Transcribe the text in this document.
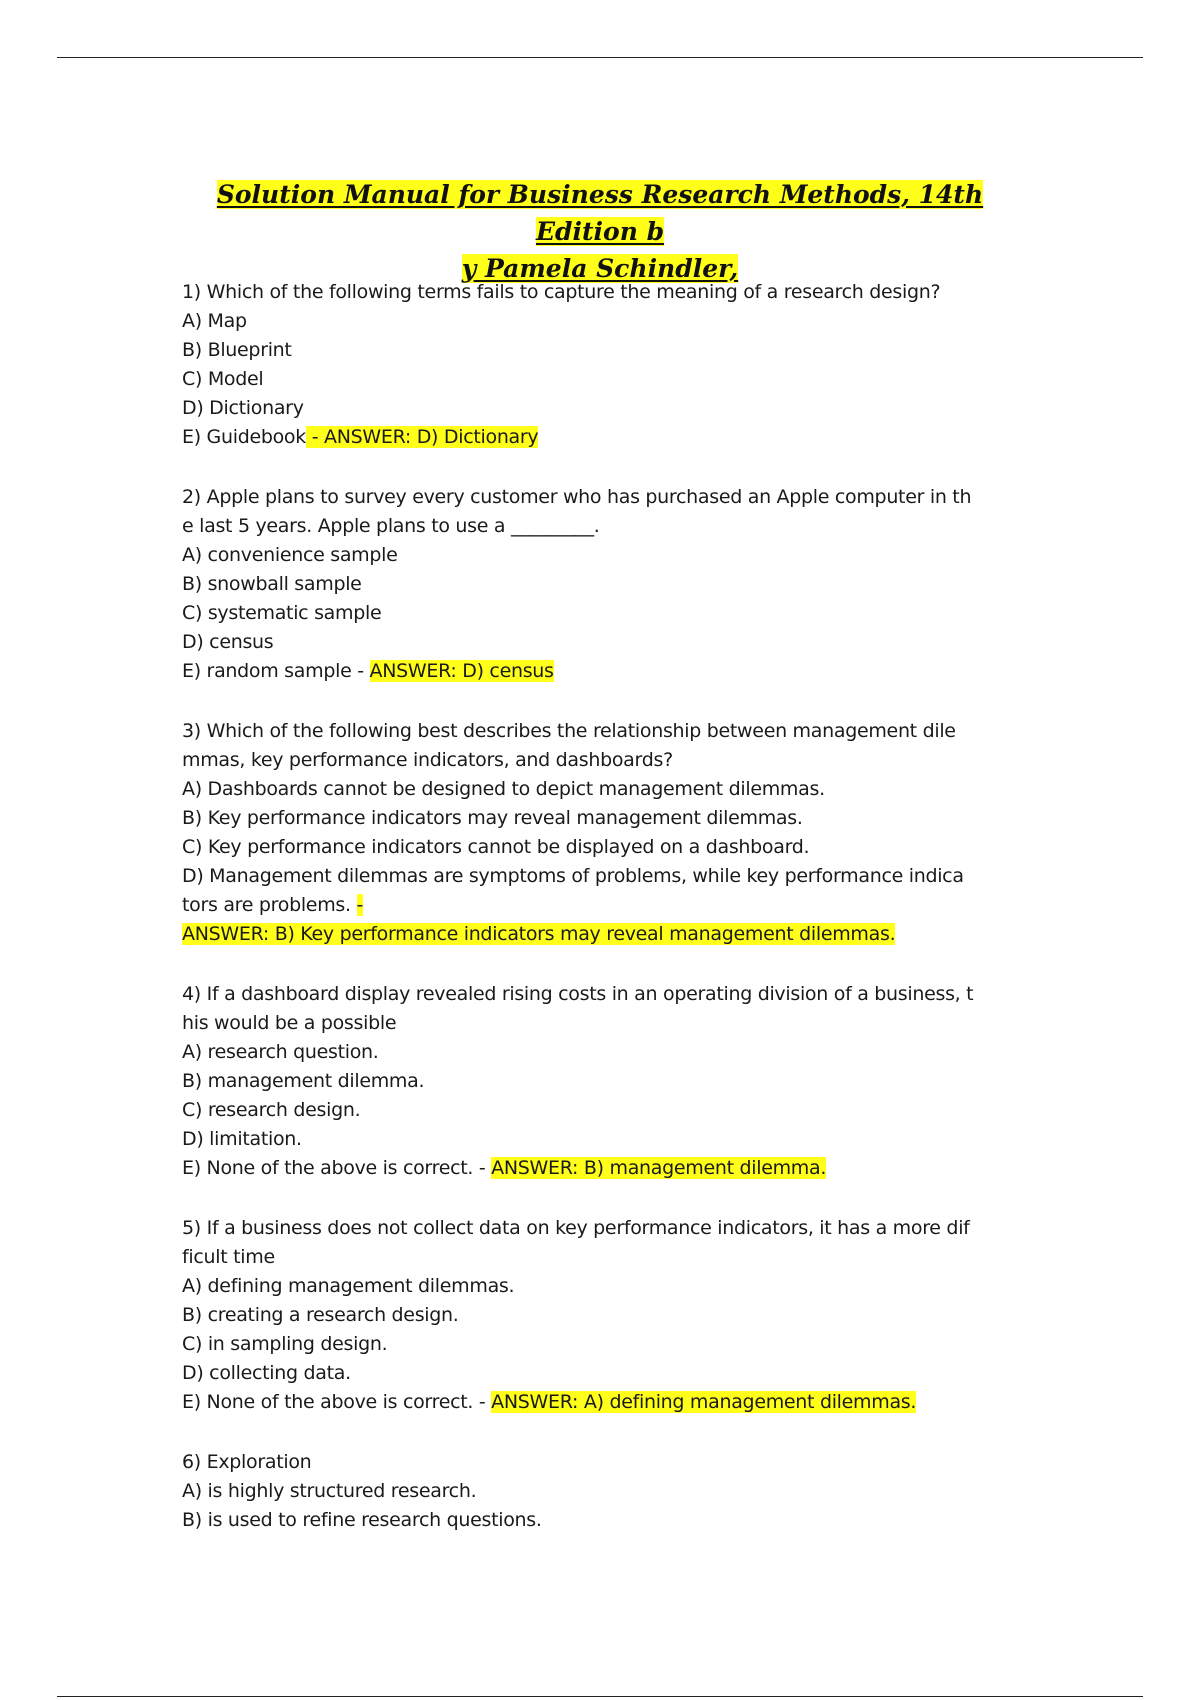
Solution Manual for Business Research Methods, 14th Edition b
y Pamela Schindler,
1) Which of the following terms fails to capture the meaning of a research design?
A) Map
B) Blueprint
C) Model
D) Dictionary
E) Guidebook - ANSWER: D) Dictionary
2) Apple plans to survey every customer who has purchased an Apple computer in th
e last 5 years. Apple plans to use a _________.
A) convenience sample
B) snowball sample
C) systematic sample
D) census
E) random sample - ANSWER: D) census
3) Which of the following best describes the relationship between management dile
mmas, key performance indicators, and dashboards?
A) Dashboards cannot be designed to depict management dilemmas.
B) Key performance indicators may reveal management dilemmas.
C) Key performance indicators cannot be displayed on a dashboard.
D) Management dilemmas are symptoms of problems, while key performance indica
tors are problems. -
ANSWER: B) Key performance indicators may reveal management dilemmas.
4) If a dashboard display revealed rising costs in an operating division of a business, t
his would be a possible
A) research question.
B) management dilemma.
C) research design.
D) limitation.
E) None of the above is correct. - ANSWER: B) management dilemma.
5) If a business does not collect data on key performance indicators, it has a more dif
ficult time
A) defining management dilemmas.
B) creating a research design.
C) in sampling design.
D) collecting data.
E) None of the above is correct. - ANSWER: A) defining management dilemmas.
6) Exploration
A) is highly structured research.
B) is used to refine research questions.
